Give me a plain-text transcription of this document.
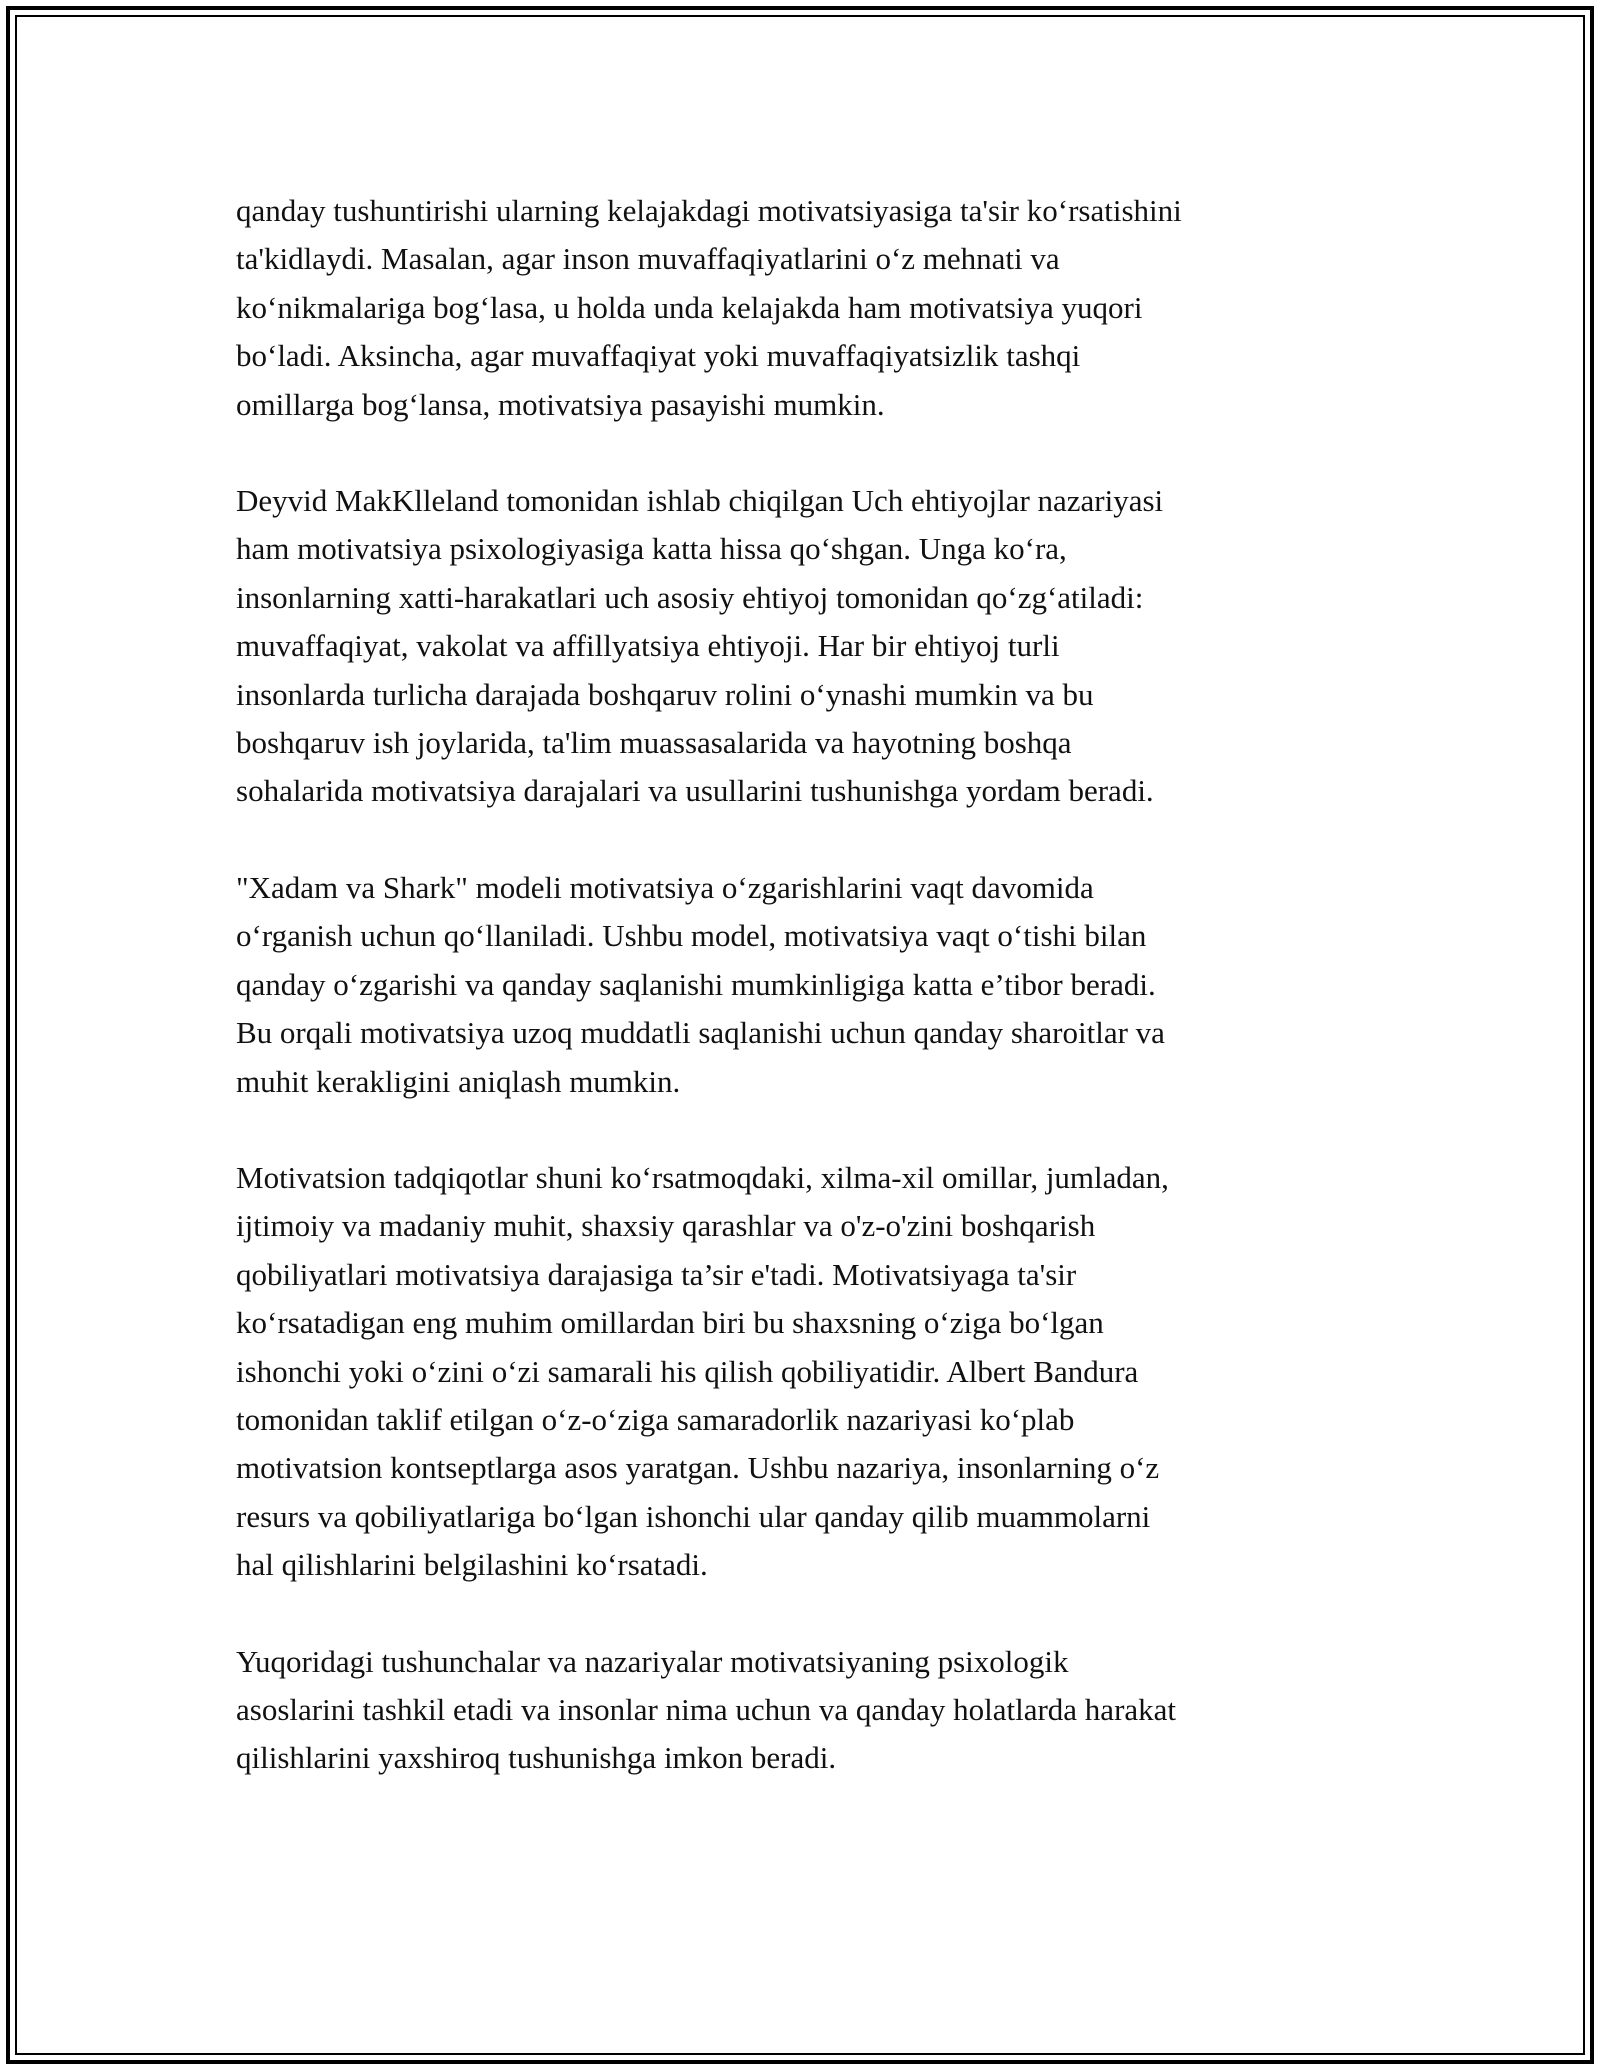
qanday tushuntirishi ularning kelajakdagi motivatsiyasiga ta'sir ko‘rsatishini
ta'kidlaydi. Masalan, agar inson muvaffaqiyatlarini o‘z mehnati va
ko‘nikmalariga bog‘lasa, u holda unda kelajakda ham motivatsiya yuqori
bo‘ladi. Aksincha, agar muvaffaqiyat yoki muvaffaqiyatsizlik tashqi
omillarga bog‘lansa, motivatsiya pasayishi mumkin.

Deyvid MakKlleland tomonidan ishlab chiqilgan Uch ehtiyojlar nazariyasi
ham motivatsiya psixologiyasiga katta hissa qo‘shgan. Unga ko‘ra,
insonlarning xatti-harakatlari uch asosiy ehtiyoj tomonidan qo‘zg‘atiladi:
muvaffaqiyat, vakolat va affillyatsiya ehtiyoji. Har bir ehtiyoj turli
insonlarda turlicha darajada boshqaruv rolini o‘ynashi mumkin va bu
boshqaruv ish joylarida, ta'lim muassasalarida va hayotning boshqa
sohalarida motivatsiya darajalari va usullarini tushunishga yordam beradi.

"Xadam va Shark" modeli motivatsiya o‘zgarishlarini vaqt davomida
o‘rganish uchun qo‘llaniladi. Ushbu model, motivatsiya vaqt o‘tishi bilan
qanday o‘zgarishi va qanday saqlanishi mumkinligiga katta e’tibor beradi.
Bu orqali motivatsiya uzoq muddatli saqlanishi uchun qanday sharoitlar va
muhit kerakligini aniqlash mumkin.

Motivatsion tadqiqotlar shuni ko‘rsatmoqdaki, xilma-xil omillar, jumladan,
ijtimoiy va madaniy muhit, shaxsiy qarashlar va o'z-o'zini boshqarish
qobiliyatlari motivatsiya darajasiga ta’sir e'tadi. Motivatsiyaga ta'sir
ko‘rsatadigan eng muhim omillardan biri bu shaxsning o‘ziga bo‘lgan
ishonchi yoki o‘zini o‘zi samarali his qilish qobiliyatidir. Albert Bandura
tomonidan taklif etilgan o‘z-o‘ziga samaradorlik nazariyasi ko‘plab
motivatsion kontseptlarga asos yaratgan. Ushbu nazariya, insonlarning o‘z
resurs va qobiliyatlariga bo‘lgan ishonchi ular qanday qilib muammolarni
hal qilishlarini belgilashini ko‘rsatadi.

Yuqoridagi tushunchalar va nazariyalar motivatsiyaning psixologik
asoslarini tashkil etadi va insonlar nima uchun va qanday holatlarda harakat
qilishlarini yaxshiroq tushunishga imkon beradi.
